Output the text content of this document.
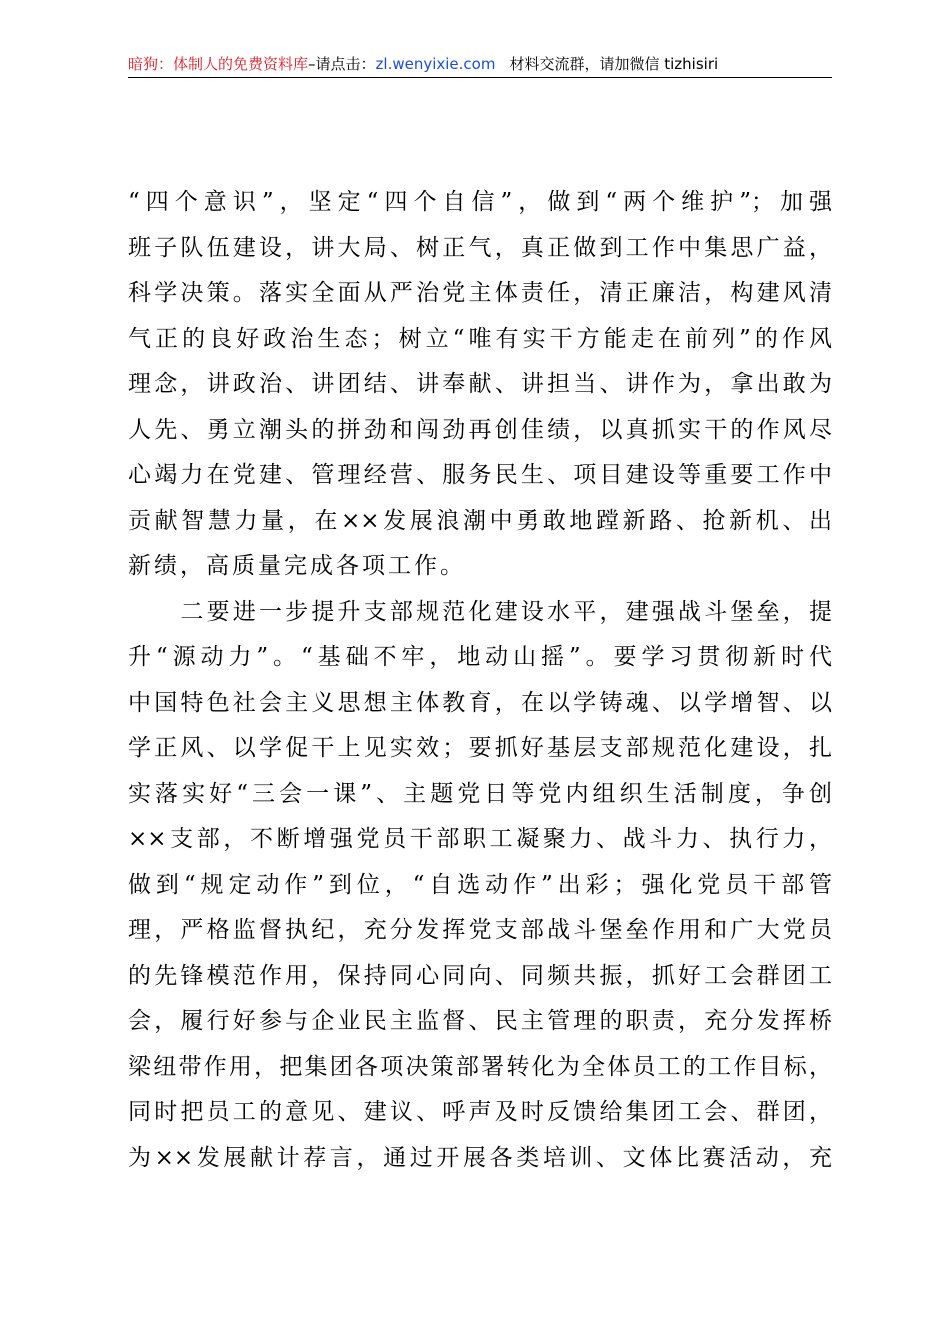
暗狗：体制人的免费资料库–请点击：zl.wenyixie.com 材料交流群，请加微信 tizhisiri
“四个意识”，坚定“四个自信”，做到“两个维护”；加强
班子队伍建设，讲大局、树正气，真正做到工作中集思广益，
科学决策。落实全面从严治党主体责任，清正廉洁，构建风清
气正的良好政治生态；树立“唯有实干方能走在前列”的作风
理念，讲政治、讲团结、讲奉献、讲担当、讲作为，拿出敢为
人先、勇立潮头的拼劲和闯劲再创佳绩，以真抓实干的作风尽
心竭力在党建、管理经营、服务民生、项目建设等重要工作中
贡献智慧力量，在××发展浪潮中勇敢地蹚新路、抢新机、出
新绩，高质量完成各项工作。
　　二要进一步提升支部规范化建设水平，建强战斗堡垒，提
升“源动力”。“基础不牢，地动山摇”。要学习贯彻新时代
中国特色社会主义思想主体教育，在以学铸魂、以学增智、以
学正风、以学促干上见实效；要抓好基层支部规范化建设，扎
实落实好“三会一课”、主题党日等党内组织生活制度，争创
××支部，不断增强党员干部职工凝聚力、战斗力、执行力，
做到“规定动作”到位，“自选动作”出彩；强化党员干部管
理，严格监督执纪，充分发挥党支部战斗堡垒作用和广大党员
的先锋模范作用，保持同心同向、同频共振，抓好工会群团工
会，履行好参与企业民主监督、民主管理的职责，充分发挥桥
梁纽带作用，把集团各项决策部署转化为全体员工的工作目标，
同时把员工的意见、建议、呼声及时反馈给集团工会、群团，
为××发展献计荐言，通过开展各类培训、文体比赛活动，充
